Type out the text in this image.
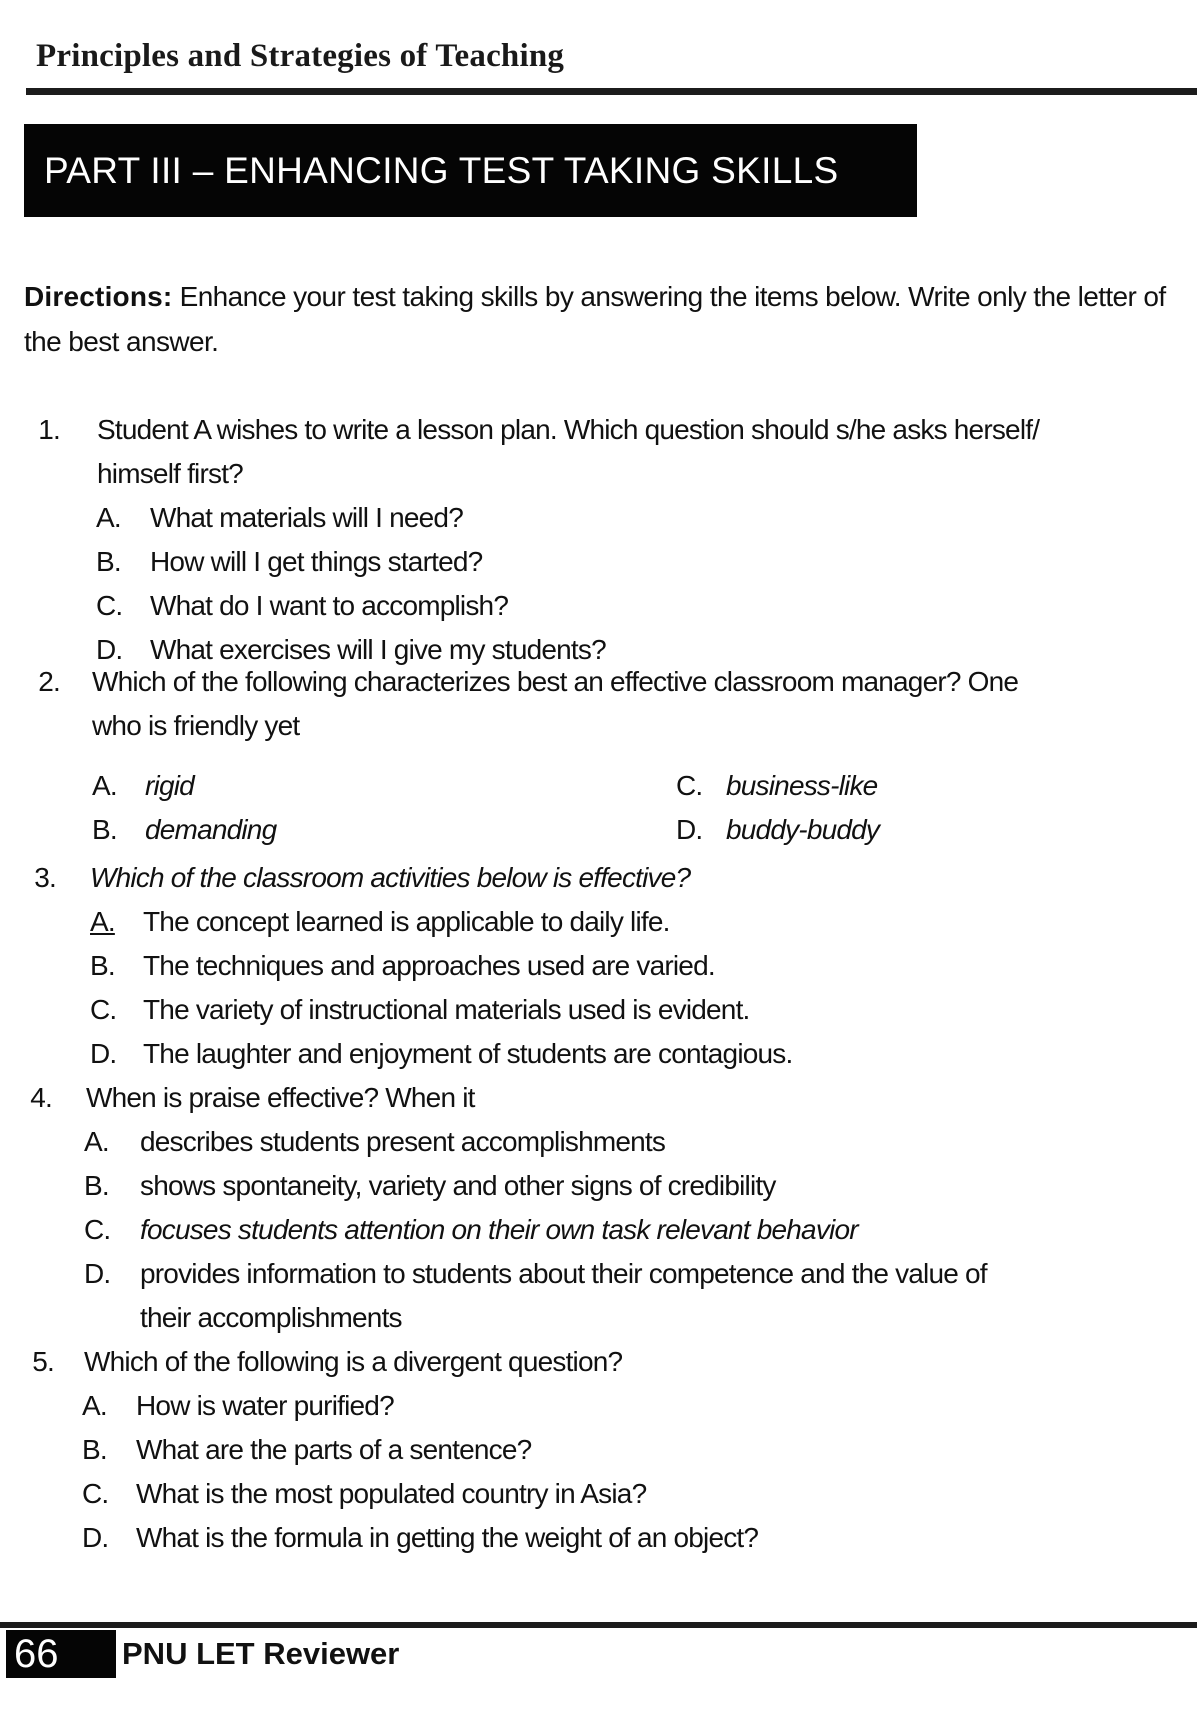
Principles and Strategies of Teaching
PART III – ENHANCING TEST TAKING SKILLS
Directions: Enhance your test taking skills by answering the items below. Write only the letter of the best answer.
1. Student A wishes to write a lesson plan. Which question should s/he asks herself/
himself first?
A. What materials will I need?
B. How will I get things started?
C. What do I want to accomplish?
D. What exercises will I give my students?
2. Which of the following characterizes best an effective classroom manager? One
who is friendly yet
A. rigid	C. business-like
B. demanding	D. buddy-buddy
3. Which of the classroom activities below is effective?
A. The concept learned is applicable to daily life.
B. The techniques and approaches used are varied.
C. The variety of instructional materials used is evident.
D. The laughter and enjoyment of students are contagious.
4. When is praise effective? When it
A. describes students present accomplishments
B. shows spontaneity, variety and other signs of credibility
C. focuses students attention on their own task relevant behavior
D. provides information to students about their competence and the value of
their accomplishments
5. Which of the following is a divergent question?
A. How is water purified?
B. What are the parts of a sentence?
C. What is the most populated country in Asia?
D. What is the formula in getting the weight of an object?
66	PNU LET Reviewer
